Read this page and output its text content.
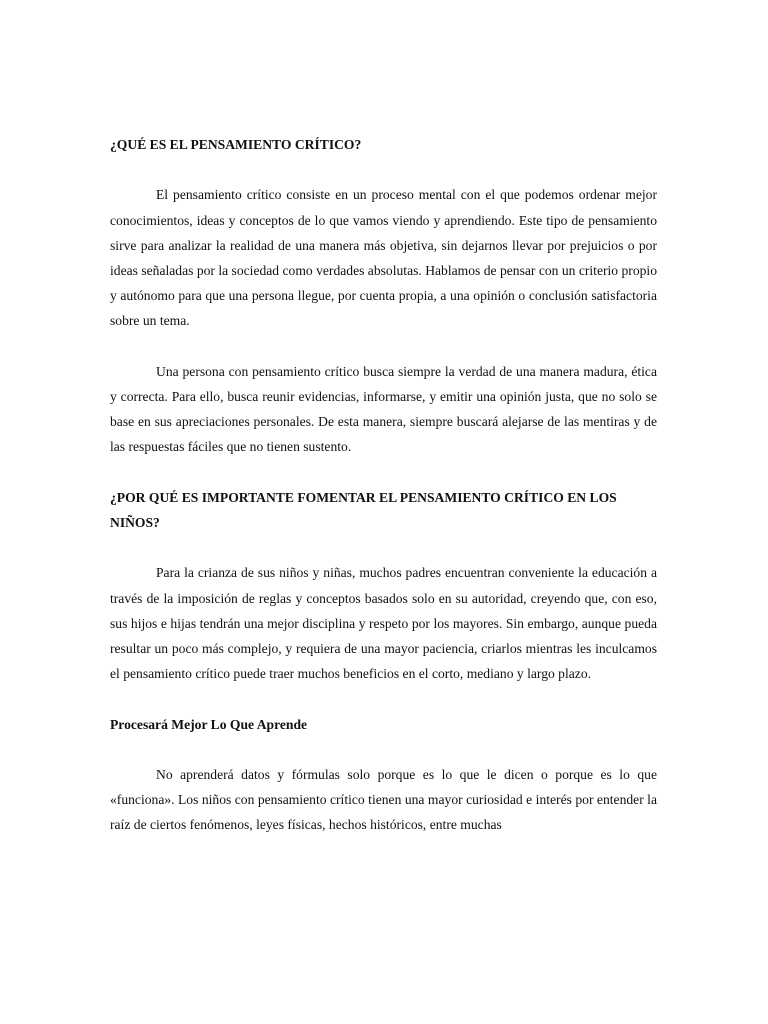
¿QUÉ ES EL PENSAMIENTO CRÍTICO?

El pensamiento crítico consiste en un proceso mental con el que podemos ordenar mejor conocimientos, ideas y conceptos de lo que vamos viendo y aprendiendo. Este tipo de pensamiento sirve para analizar la realidad de una manera más objetiva, sin dejarnos llevar por prejuicios o por ideas señaladas por la sociedad como verdades absolutas. Hablamos de pensar con un criterio propio y autónomo para que una persona llegue, por cuenta propia, a una opinión o conclusión satisfactoria sobre un tema.

Una persona con pensamiento crítico busca siempre la verdad de una manera madura, ética y correcta. Para ello, busca reunir evidencias, informarse, y emitir una opinión justa, que no solo se base en sus apreciaciones personales. De esta manera, siempre buscará alejarse de las mentiras y de las respuestas fáciles que no tienen sustento.

¿POR QUÉ ES IMPORTANTE FOMENTAR EL PENSAMIENTO CRÍTICO EN LOS NIÑOS?

Para la crianza de sus niños y niñas, muchos padres encuentran conveniente la educación a través de la imposición de reglas y conceptos basados solo en su autoridad, creyendo que, con eso, sus hijos e hijas tendrán una mejor disciplina y respeto por los mayores. Sin embargo, aunque pueda resultar un poco más complejo, y requiera de una mayor paciencia, criarlos mientras les inculcamos el pensamiento crítico puede traer muchos beneficios en el corto, mediano y largo plazo.

Procesará Mejor Lo Que Aprende

No aprenderá datos y fórmulas solo porque es lo que le dicen o porque es lo que «funciona». Los niños con pensamiento crítico tienen una mayor curiosidad e interés por entender la raíz de ciertos fenómenos, leyes físicas, hechos históricos, entre muchas
